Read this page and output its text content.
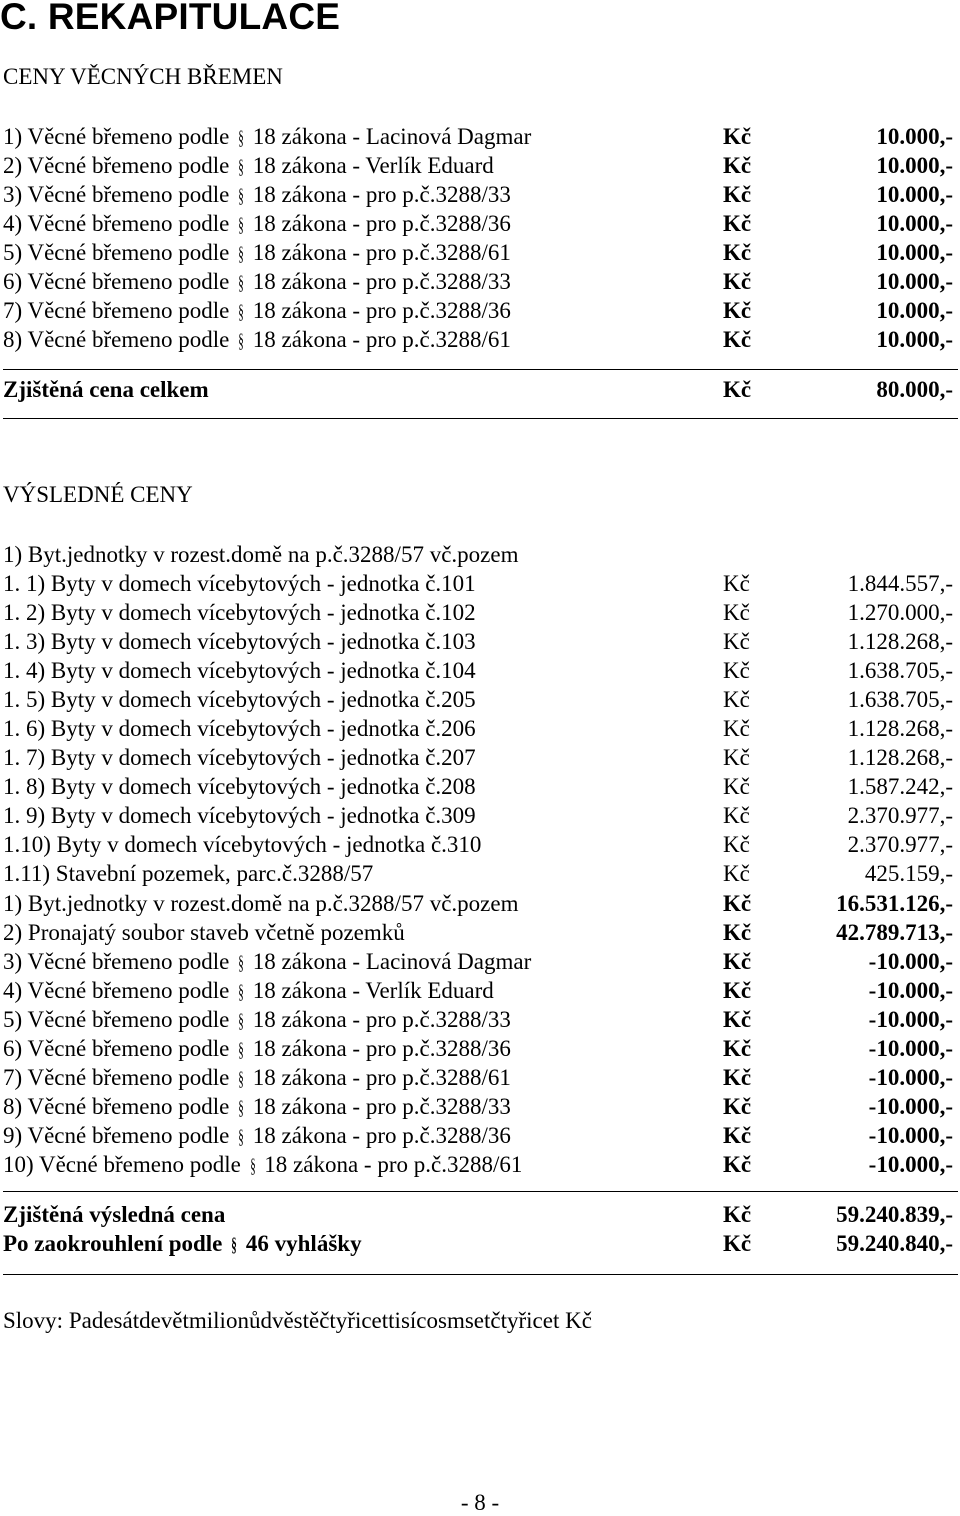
C. REKAPITULACE
CENY VĚCNÝCH BŘEMEN
1) Věcné břemeno podle § 18 zákona - Lacinová Dagmar	Kč	10.000,-
2) Věcné břemeno podle § 18 zákona - Verlík Eduard	Kč	10.000,-
3) Věcné břemeno podle § 18 zákona - pro p.č.3288/33	Kč	10.000,-
4) Věcné břemeno podle § 18 zákona - pro p.č.3288/36	Kč	10.000,-
5) Věcné břemeno podle § 18 zákona - pro p.č.3288/61	Kč	10.000,-
6) Věcné břemeno podle § 18 zákona - pro p.č.3288/33	Kč	10.000,-
7) Věcné břemeno podle § 18 zákona - pro p.č.3288/36	Kč	10.000,-
8) Věcné břemeno podle § 18 zákona - pro p.č.3288/61	Kč	10.000,-
Zjištěná cena celkem	Kč	80.000,-
VÝSLEDNÉ CENY
1) Byt.jednotky v rozest.domě na p.č.3288/57 vč.pozem
1. 1) Byty v domech vícebytových - jednotka č.101	Kč	1.844.557,-
1. 2) Byty v domech vícebytových - jednotka č.102	Kč	1.270.000,-
1. 3) Byty v domech vícebytových - jednotka č.103	Kč	1.128.268,-
1. 4) Byty v domech vícebytových - jednotka č.104	Kč	1.638.705,-
1. 5) Byty v domech vícebytových - jednotka č.205	Kč	1.638.705,-
1. 6) Byty v domech vícebytových - jednotka č.206	Kč	1.128.268,-
1. 7) Byty v domech vícebytových - jednotka č.207	Kč	1.128.268,-
1. 8) Byty v domech vícebytových - jednotka č.208	Kč	1.587.242,-
1. 9) Byty v domech vícebytových - jednotka č.309	Kč	2.370.977,-
1.10) Byty v domech vícebytových - jednotka č.310	Kč	2.370.977,-
1.11) Stavební pozemek, parc.č.3288/57	Kč	425.159,-
1) Byt.jednotky v rozest.domě na p.č.3288/57 vč.pozem	Kč	16.531.126,-
2) Pronajatý soubor staveb včetně pozemků	Kč	42.789.713,-
3) Věcné břemeno podle § 18 zákona - Lacinová Dagmar	Kč	-10.000,-
4) Věcné břemeno podle § 18 zákona - Verlík Eduard	Kč	-10.000,-
5) Věcné břemeno podle § 18 zákona - pro p.č.3288/33	Kč	-10.000,-
6) Věcné břemeno podle § 18 zákona - pro p.č.3288/36	Kč	-10.000,-
7) Věcné břemeno podle § 18 zákona - pro p.č.3288/61	Kč	-10.000,-
8) Věcné břemeno podle § 18 zákona - pro p.č.3288/33	Kč	-10.000,-
9) Věcné břemeno podle § 18 zákona - pro p.č.3288/36	Kč	-10.000,-
10) Věcné břemeno podle § 18 zákona - pro p.č.3288/61	Kč	-10.000,-
Zjištěná výsledná cena	Kč	59.240.839,-
Po zaokrouhlení podle § 46 vyhlášky	Kč	59.240.840,-
Slovy: Padesátdevětmilionůdvěstěčtyřicettisícosmsetčtyřicet Kč
- 8 -
